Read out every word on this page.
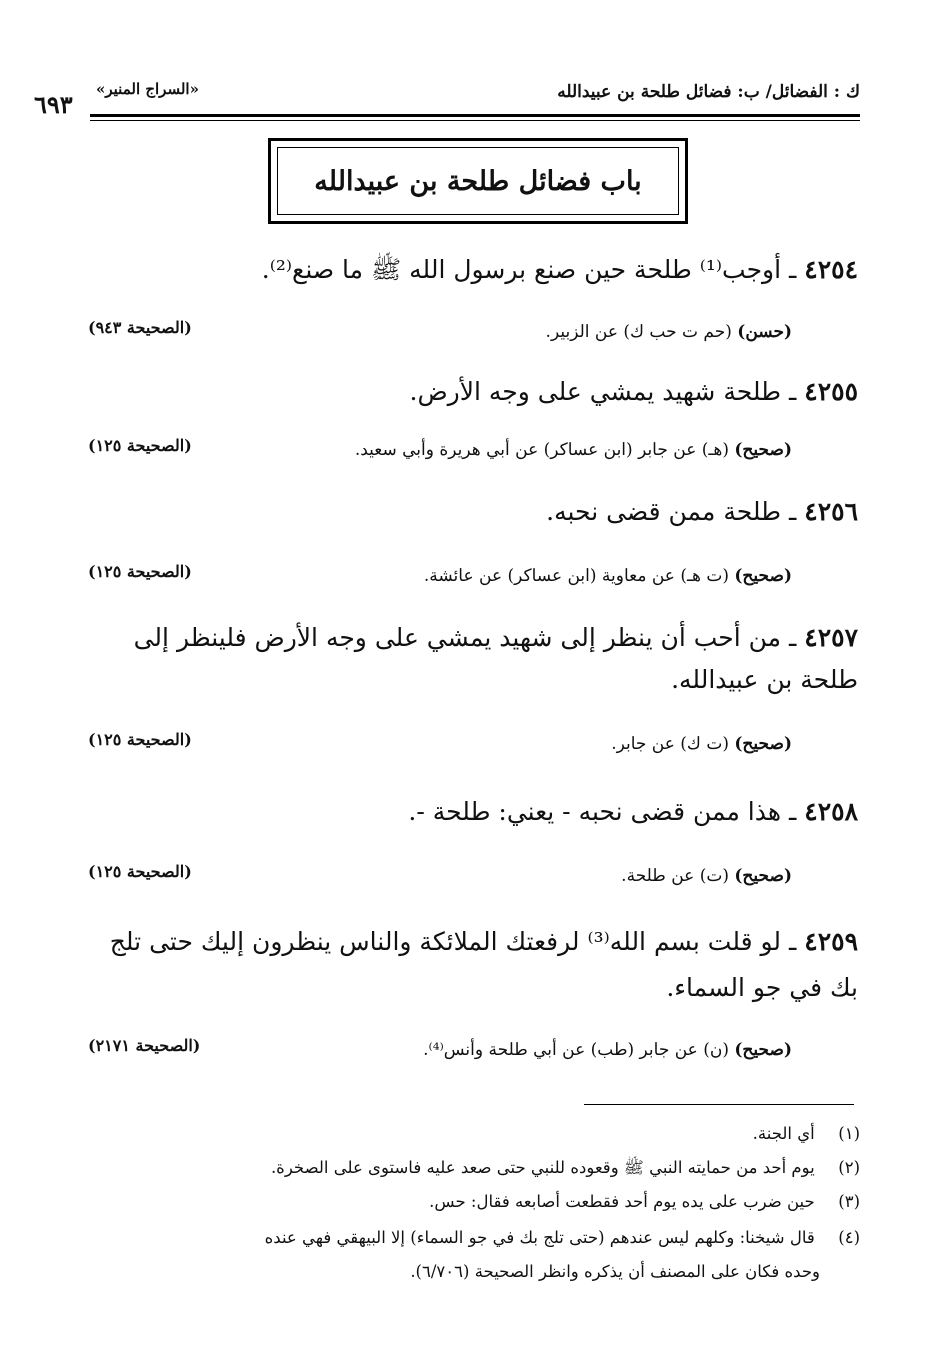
ك : الفضائل/ ب: فضائل طلحة بن عبيدالله
«السراج المنير»
٦٩٣
باب فضائل طلحة بن عبيدالله
٤٢٥٤ ـ أوجب⁽¹⁾ طلحة حين صنع برسول الله ﷺ ما صنع⁽²⁾.
(حسن) (حم ت حب ك) عن الزبير.
(الصحيحة ٩٤٣)
٤٢٥٥ ـ طلحة شهيد يمشي على وجه الأرض.
(صحيح) (هـ) عن جابر (ابن عساكر) عن أبي هريرة وأبي سعيد.
(الصحيحة ١٢٥)
٤٢٥٦ ـ طلحة ممن قضى نحبه.
(صحيح) (ت هـ) عن معاوية (ابن عساكر) عن عائشة.
(الصحيحة ١٢٥)
٤٢٥٧ ـ من أحب أن ينظر إلى شهيد يمشي على وجه الأرض فلينظر إلى
طلحة بن عبيدالله.
(صحيح) (ت ك) عن جابر.
(الصحيحة ١٢٥)
٤٢٥٨ ـ هذا ممن قضى نحبه - يعني: طلحة -.
(صحيح) (ت) عن طلحة.
(الصحيحة ١٢٥)
٤٢٥٩ ـ لو قلت بسم الله⁽³⁾ لرفعتك الملائكة والناس ينظرون إليك حتى تلج
بك في جو السماء.
(صحيح) (ن) عن جابر (طب) عن أبي طلحة وأنس⁽⁴⁾.
(الصحيحة ٢١٧١)
(١) أي الجنة.
(٢) يوم أحد من حمايته النبي ﷺ وقعوده للنبي حتى صعد عليه فاستوى على الصخرة.
(٣) حين ضرب على يده يوم أحد فقطعت أصابعه فقال: حس.
(٤) قال شيخنا: وكلهم ليس عندهم (حتى تلج بك في جو السماء) إلا البيهقي فهي عنده
وحده فكان على المصنف أن يذكره وانظر الصحيحة (٦/٧٠٦).
